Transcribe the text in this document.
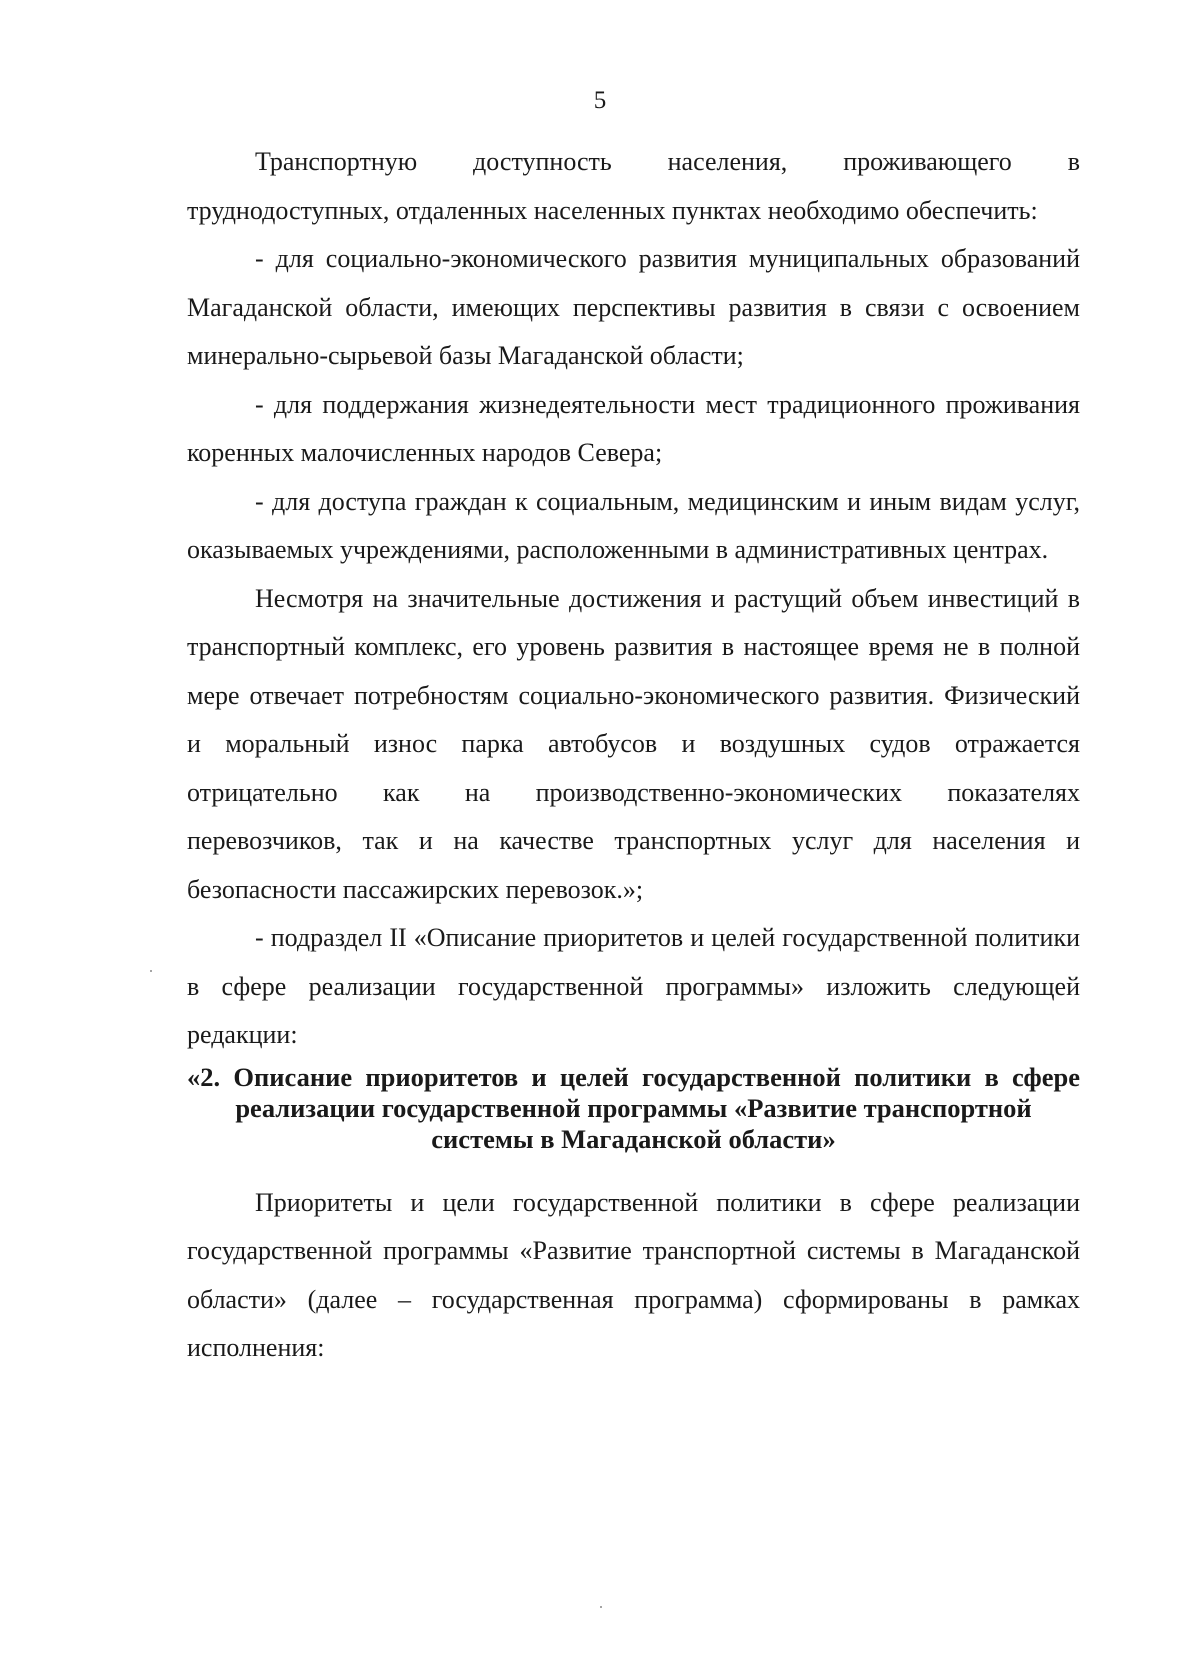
5

Транспортную доступность населения, проживающего в труднодоступных, отдаленных населенных пунктах необходимо обеспечить:

- для социально-экономического развития муниципальных образований Магаданской области, имеющих перспективы развития в связи с освоением минерально-сырьевой базы Магаданской области;

- для поддержания жизнедеятельности мест традиционного проживания коренных малочисленных народов Севера;

- для доступа граждан к социальным, медицинским и иным видам услуг, оказываемых учреждениями, расположенными в административных центрах.

Несмотря на значительные достижения и растущий объем инвестиций в транспортный комплекс, его уровень развития в настоящее время не в полной мере отвечает потребностям социально-экономического развития. Физический и моральный износ парка автобусов и воздушных судов отражается отрицательно как на производственно-экономических показателях перевозчиков, так и на качестве транспортных услуг для населения и безопасности пассажирских перевозок.»;

- подраздел II «Описание приоритетов и целей государственной политики в сфере реализации государственной программы» изложить следующей редакции:

«2. Описание приоритетов и целей государственной политики в сфере
реализации государственной программы «Развитие транспортной
системы в Магаданской области»

Приоритеты и цели государственной политики в сфере реализации государственной программы «Развитие транспортной системы в Магаданской области» (далее – государственная программа) сформированы в рамках исполнения:
